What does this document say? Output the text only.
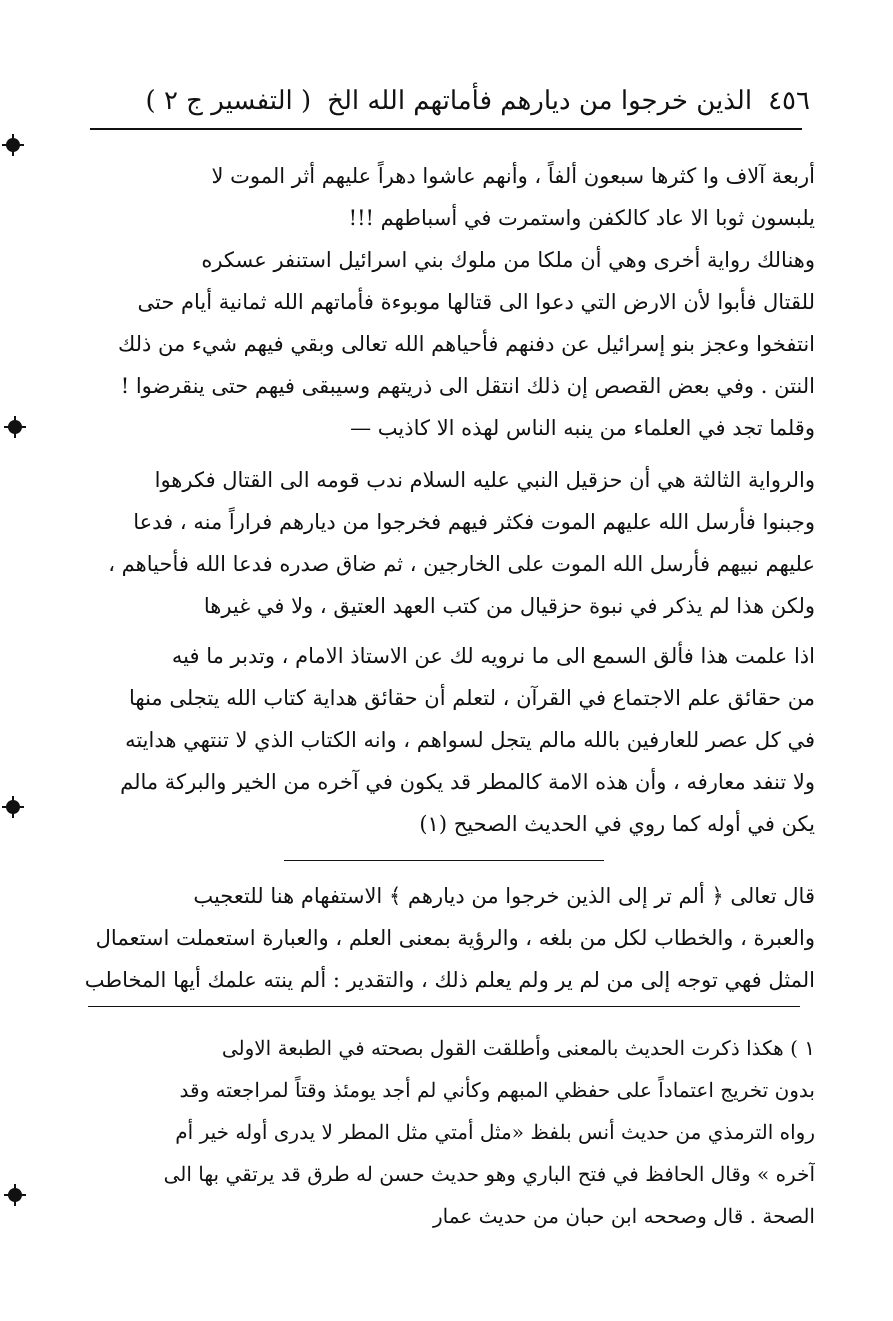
٤٥٦
الذين خرجوا من ديارهم فأماتهم الله الخ
( التفسير ج ٢ )
أربعة آلاف وا كثرها سبعون ألفاً ، وأنهم عاشوا دهراً عليهم أثر الموت لا
يلبسون ثوبا الا عاد كالكفن واستمرت في أسباطهم !!!
وهنالك رواية أخرى وهي أن ملكا من ملوك بني اسرائيل استنفر عسكره
للقتال فأبوا لأن الارض التي دعوا الى قتالها موبوءة فأماتهم الله ثمانية أيام حتى
انتفخوا وعجز بنو إسرائيل عن دفنهم فأحياهم الله تعالى وبقي فيهم شيء من ذلك
النتن . وفي بعض القصص إن ذلك انتقل الى ذريتهم وسيبقى فيهم حتى ينقرضوا !
وقلما تجد في العلماء من ينبه الناس لهذه الا كاذيب —
والرواية الثالثة هي أن حزقيل النبي عليه السلام ندب قومه الى القتال فكرهوا
وجبنوا فأرسل الله عليهم الموت فكثر فيهم فخرجوا من ديارهم فراراً منه ، فدعا
عليهم نبيهم فأرسل الله الموت على الخارجين ، ثم ضاق صدره فدعا الله فأحياهم ،
ولكن هذا لم يذكر في نبوة حزقيال من كتب العهد العتيق ، ولا في غيرها
اذا علمت هذا فألق السمع الى ما نرويه لك عن الاستاذ الامام ، وتدبر ما فيه
من حقائق علم الاجتماع في القرآن ، لتعلم أن حقائق هداية كتاب الله يتجلى منها
في كل عصر للعارفين بالله مالم يتجل لسواهم ، وانه الكتاب الذي لا تنتهي هدايته
ولا تنفد معارفه ، وأن هذه الامة كالمطر قد يكون في آخره من الخير والبركة مالم
يكن في أوله كما روي في الحديث الصحيح (١)
قال تعالى ﴿ ألم تر إلى الذين خرجوا من ديارهم ﴾ الاستفهام هنا للتعجيب
والعبرة ، والخطاب لكل من بلغه ، والرؤية بمعنى العلم ، والعبارة استعملت استعمال
المثل فهي توجه إلى من لم ير ولم يعلم ذلك ، والتقدير : ألم ينته علمك أيها المخاطب
١ ) هكذا ذكرت الحديث بالمعنى وأطلقت القول بصحته في الطبعة الاولى
بدون تخريج اعتماداً على حفظي المبهم وكأني لم أجد يومئذ وقتاً لمراجعته وقد
رواه الترمذي من حديث أنس بلفظ «مثل أمتي مثل المطر لا يدرى أوله خير أم
آخره » وقال الحافظ في فتح الباري وهو حديث حسن له طرق قد يرتقي بها الى
الصحة . قال وصححه ابن حبان من حديث عمار
